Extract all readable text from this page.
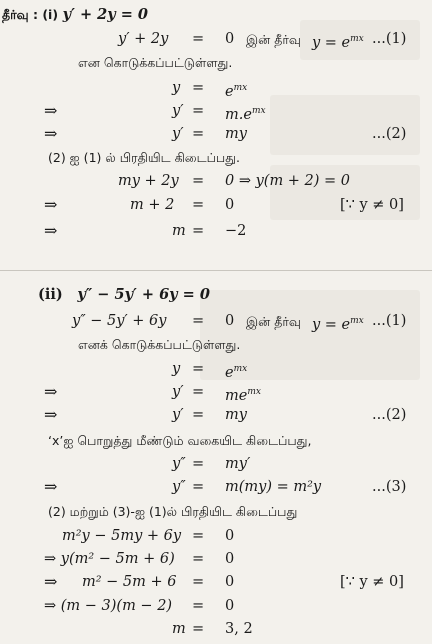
தீர்வு : (i) y′ + 2y = 0
y′ + 2y = 0 இன் தீர்வு $y = e^{mx}$ ...(1)
என கொடுக்கப்பட்டுள்ளது.
$y = e^{mx}$
⇒	$y' = m.e^{mx}$
⇒	y′ = my	...(2)
(2) ஐ (1) ல் பிரதியிட கிடைப்பது.
my + 2y = 0 ⇒ y(m + 2) = 0
⇒	m + 2 = 0	[∵ y ≠ 0]
⇒	m = −2
(ii) y″ − 5y′ + 6y = 0
y″ − 5y′ + 6y = 0 இன் தீர்வு $y = e^{mx}$ ...(1)
எனக் கொடுக்கப்பட்டுள்ளது.
$y = e^{mx}$
⇒	$y' = me^{mx}$
⇒	y′ = my	...(2)
‘x’ஐ பொறுத்து மீண்டும் வகையிட கிடைப்பது,
y″ = my′
⇒	y″ = m(my) = m²y	...(3)
(2) மற்றும் (3)-ஐ (1)ல் பிரதியிட கிடைப்பது
m²y − 5my + 6y = 0
⇒ y(m² − 5m + 6) = 0
⇒ m² − 5m + 6 = 0	[∵ y ≠ 0]
⇒ (m − 3)(m − 2) = 0
m = 3, 2
